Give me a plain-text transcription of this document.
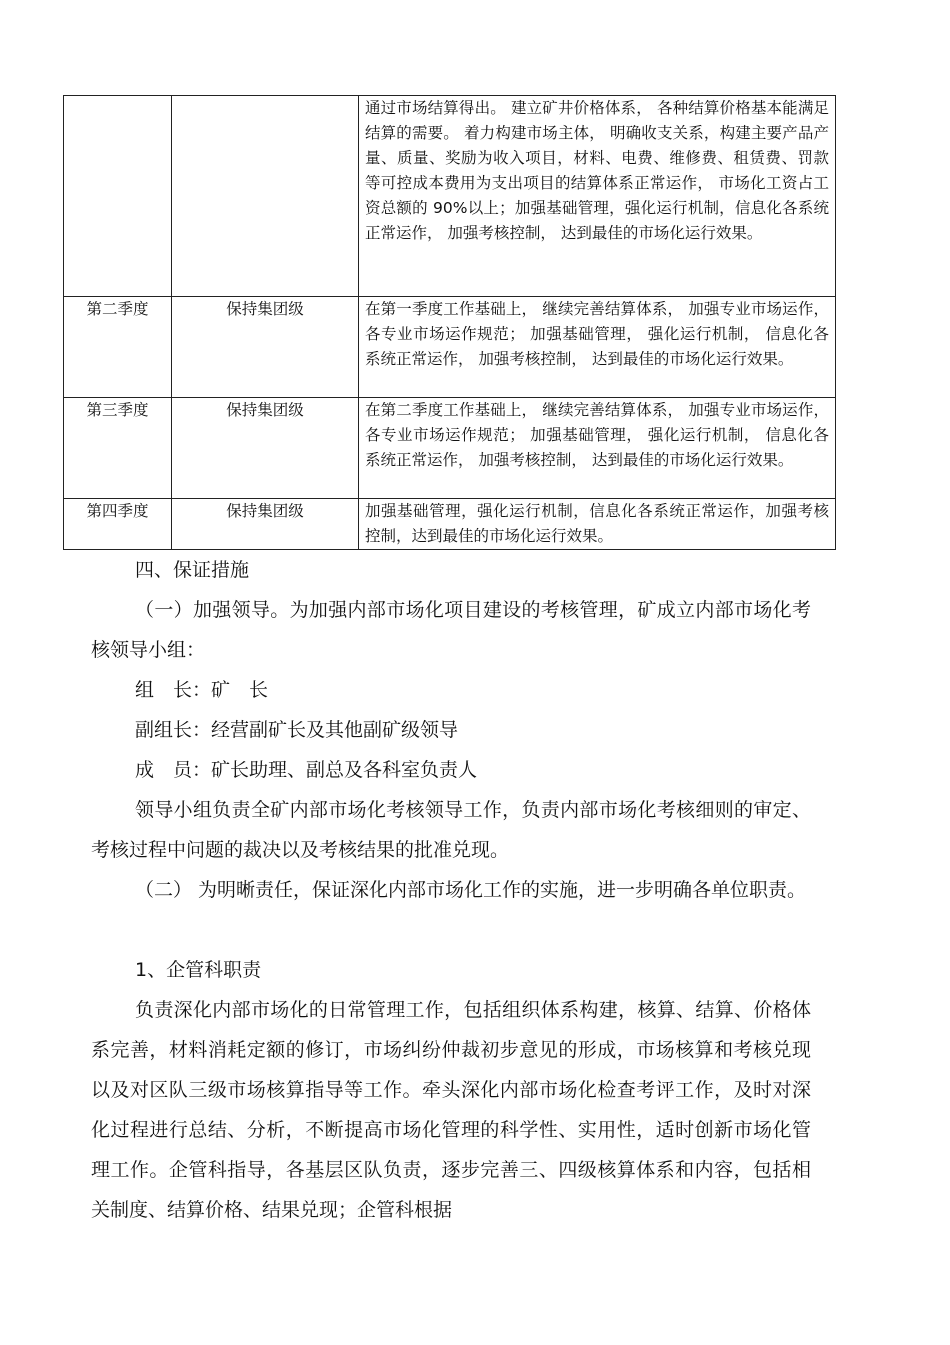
		通过市场结算得出。 建立矿井价格体系， 各种结算价格基本能满足结算的需要。 着力构建市场主体， 明确收支关系，构建主要产品产量、质量、奖励为收入项目，材料、电费、维修费、租赁费、罚款等可控成本费用为支出项目的结算体系正常运作， 市场化工资占工资总额的 90%以上；加强基础管理，强化运行机制，信息化各系统正常运作， 加强考核控制， 达到最佳的市场化运行效果。
第二季度	保持集团级	在第一季度工作基础上， 继续完善结算体系， 加强专业市场运作， 各专业市场运作规范； 加强基础管理， 强化运行机制， 信息化各系统正常运作， 加强考核控制， 达到最佳的市场化运行效果。
第三季度	保持集团级	在第二季度工作基础上， 继续完善结算体系， 加强专业市场运作， 各专业市场运作规范； 加强基础管理， 强化运行机制， 信息化各系统正常运作， 加强考核控制， 达到最佳的市场化运行效果。
第四季度	保持集团级	加强基础管理，强化运行机制，信息化各系统正常运作，加强考核控制，达到最佳的市场化运行效果。

四、保证措施

（一）加强领导。为加强内部市场化项目建设的考核管理，矿成立内部市场化考核领导小组：

组　长：矿　长

副组长：经营副矿长及其他副矿级领导

成　员：矿长助理、副总及各科室负责人

领导小组负责全矿内部市场化考核领导工作，负责内部市场化考核细则的审定、考核过程中问题的裁决以及考核结果的批准兑现。

（二） 为明晰责任，保证深化内部市场化工作的实施，进一步明确各单位职责。

1、企管科职责

负责深化内部市场化的日常管理工作，包括组织体系构建，核算、结算、价格体系完善，材料消耗定额的修订，市场纠纷仲裁初步意见的形成，市场核算和考核兑现以及对区队三级市场核算指导等工作。牵头深化内部市场化检查考评工作，及时对深化过程进行总结、分析，不断提高市场化管理的科学性、实用性，适时创新市场化管理工作。企管科指导，各基层区队负责，逐步完善三、四级核算体系和内容，包括相关制度、结算价格、结果兑现；企管科根据
